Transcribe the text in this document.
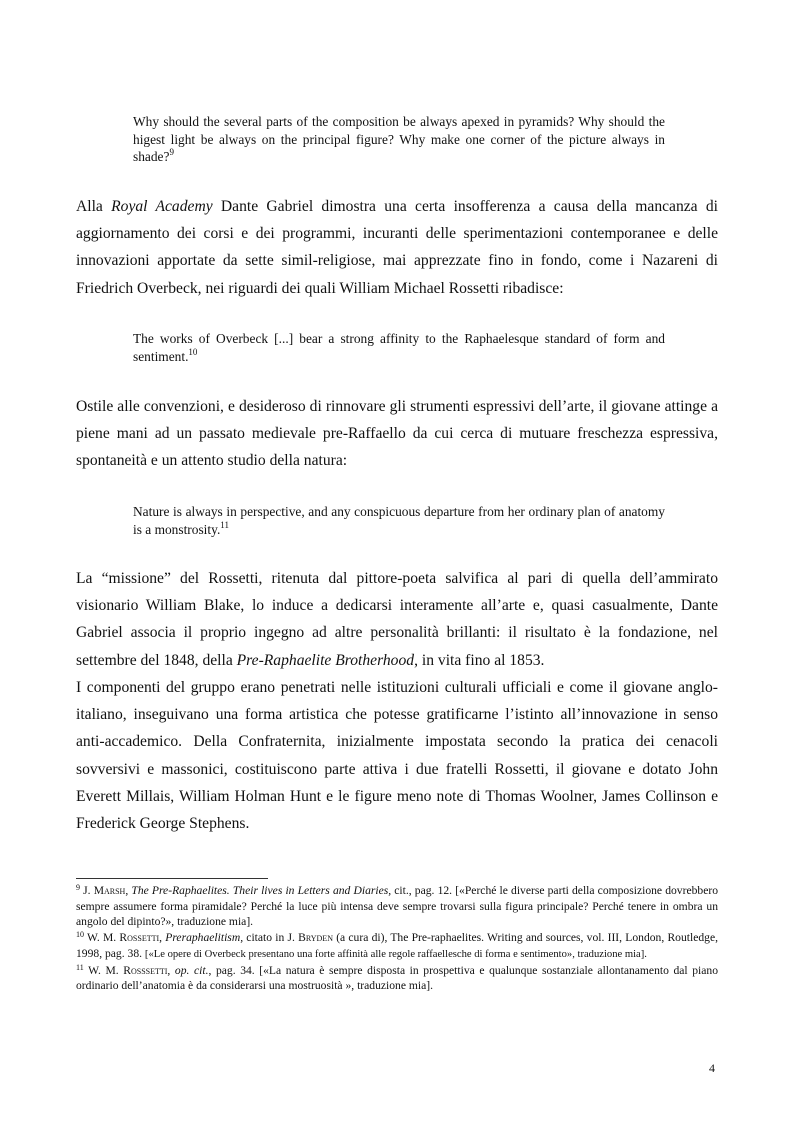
Why should the several parts of the composition be always apexed in pyramids? Why should the higest light be always on the principal figure? Why make one corner of the picture always in shade?$^9$

Alla Royal Academy Dante Gabriel dimostra una certa insofferenza a causa della mancanza di aggiornamento dei corsi e dei programmi, incuranti delle sperimentazioni contemporanee e delle innovazioni apportate da sette simil-religiose, mai apprezzate fino in fondo, come i Nazareni di Friedrich Overbeck, nei riguardi dei quali William Michael Rossetti ribadisce:

The works of Overbeck [...] bear a strong affinity to the Raphaelesque standard of form and sentiment.$^{10}$

Ostile alle convenzioni, e desideroso di rinnovare gli strumenti espressivi dell’arte, il giovane attinge a piene mani ad un passato medievale pre-Raffaello da cui cerca di mutuare freschezza espressiva, spontaneità e un attento studio della natura:

Nature is always in perspective, and any conspicuous departure from her ordinary plan of anatomy is a monstrosity.$^{11}$

La “missione” del Rossetti, ritenuta dal pittore-poeta salvifica al pari di quella dell’ammirato visionario William Blake, lo induce a dedicarsi interamente all’arte e, quasi casualmente, Dante Gabriel associa il proprio ingegno ad altre personalità brillanti: il risultato è la fondazione, nel settembre del 1848, della Pre-Raphaelite Brotherhood, in vita fino al 1853.

I componenti del gruppo erano penetrati nelle istituzioni culturali ufficiali e come il giovane anglo-italiano, inseguivano una forma artistica che potesse gratificarne l’istinto all’innovazione in senso anti-accademico. Della Confraternita, inizialmente impostata secondo la pratica dei cenacoli sovversivi e massonici, costituiscono parte attiva i due fratelli Rossetti, il giovane e dotato John Everett Millais, William Holman Hunt e le figure meno note di Thomas Woolner, James Collinson e Frederick George Stephens.

$^9$ J. Marsh, The Pre-Raphaelites. Their lives in Letters and Diaries, cit., pag. 12. [«Perché le diverse parti della composizione dovrebbero sempre assumere forma piramidale? Perché la luce più intensa deve sempre trovarsi sulla figura principale? Perché tenere in ombra un angolo del dipinto?», traduzione mia].

$^{10}$ W. M. Rossetti, Preraphaelitism, citato in J. Bryden (a cura di), The Pre-raphaelites. Writing and sources, vol. III, London, Routledge, 1998, pag. 38. [«Le opere di Overbeck presentano una forte affinità alle regole raffaellesche di forma e sentimento», traduzione mia].

$^{11}$ W. M. Rosssetti, op. cit., pag. 34. [«La natura è sempre disposta in prospettiva e qualunque sostanziale allontanamento dal piano ordinario dell’anatomia è da considerarsi una mostruosità », traduzione mia].

4
